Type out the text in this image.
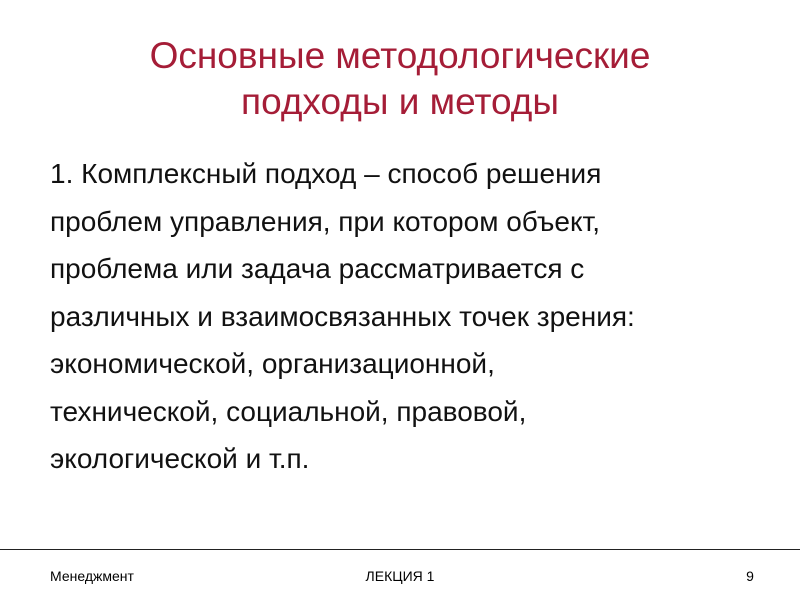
Основные методологические
подходы и методы
1. Комплексный подход – способ решения
проблем управления, при котором объект,
проблема или задача рассматривается с
различных и взаимосвязанных точек зрения:
экономической, организационной,
технической, социальной, правовой,
экологической и т.п.
Менеджмент	ЛЕКЦИЯ 1	9
